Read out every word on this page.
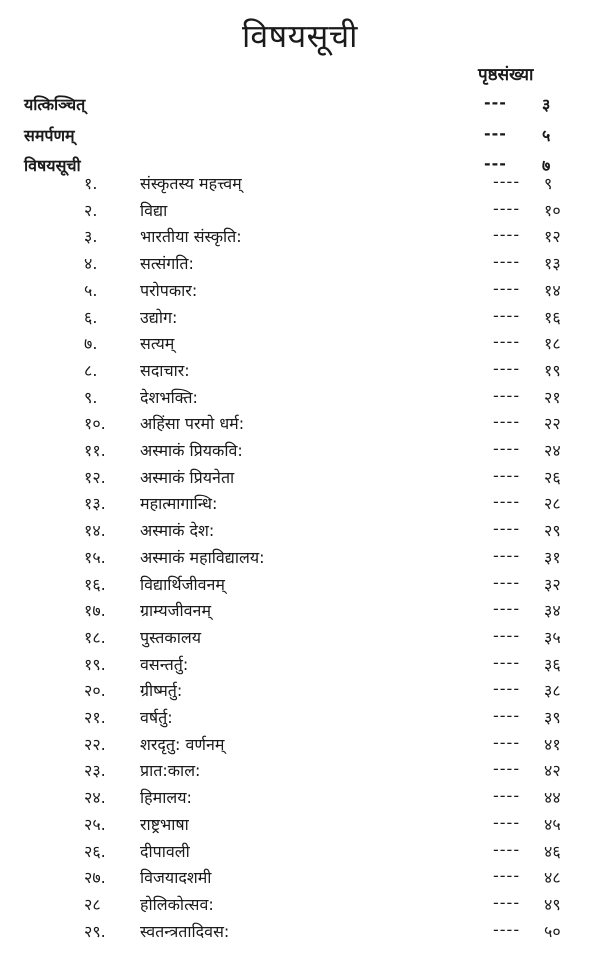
विषयसूची
पृष्ठसंख्या
यत्किञ्चित्	--- ३
समर्पणम्	--- ५
विषयसूची	--- ७
१.	संस्कृतस्य महत्त्वम्	---- ९
२.	विद्या	---- १०
३.	भारतीया संस्कृति:	---- १२
४.	सत्संगति:	---- १३
५.	परोपकार:	---- १४
६.	उद्योग:	---- १६
७.	सत्यम्	---- १८
८.	सदाचार:	---- १९
९.	देशभक्ति:	---- २१
१०. अहिंसा परमो धर्म:	---- २२
११. अस्माकं प्रियकवि:	---- २४
१२. अस्माकं प्रियनेता	---- २६
१३. महात्मागान्धि:	---- २८
१४. अस्माकं देश:	---- २९
१५. अस्माकं महाविद्यालय:	---- ३१
१६. विद्यार्थिजीवनम्	---- ३२
१७. ग्राम्यजीवनम्	---- ३४
१८. पुस्तकालय	---- ३५
१९. वसन्तर्तु:	---- ३६
२०. ग्रीष्मर्तु:	---- ३८
२१. वर्षर्तु:	---- ३९
२२. शरदृतु: वर्णनम्	---- ४१
२३. प्रात:काल:	---- ४२
२४. हिमालय:	---- ४४
२५. राष्ट्रभाषा	---- ४५
२६. दीपावली	---- ४६
२७. विजयादशमी	---- ४८
२८ होलिकोत्सव:	---- ४९
२९. स्वतन्त्रतादिवस:	---- ५०
